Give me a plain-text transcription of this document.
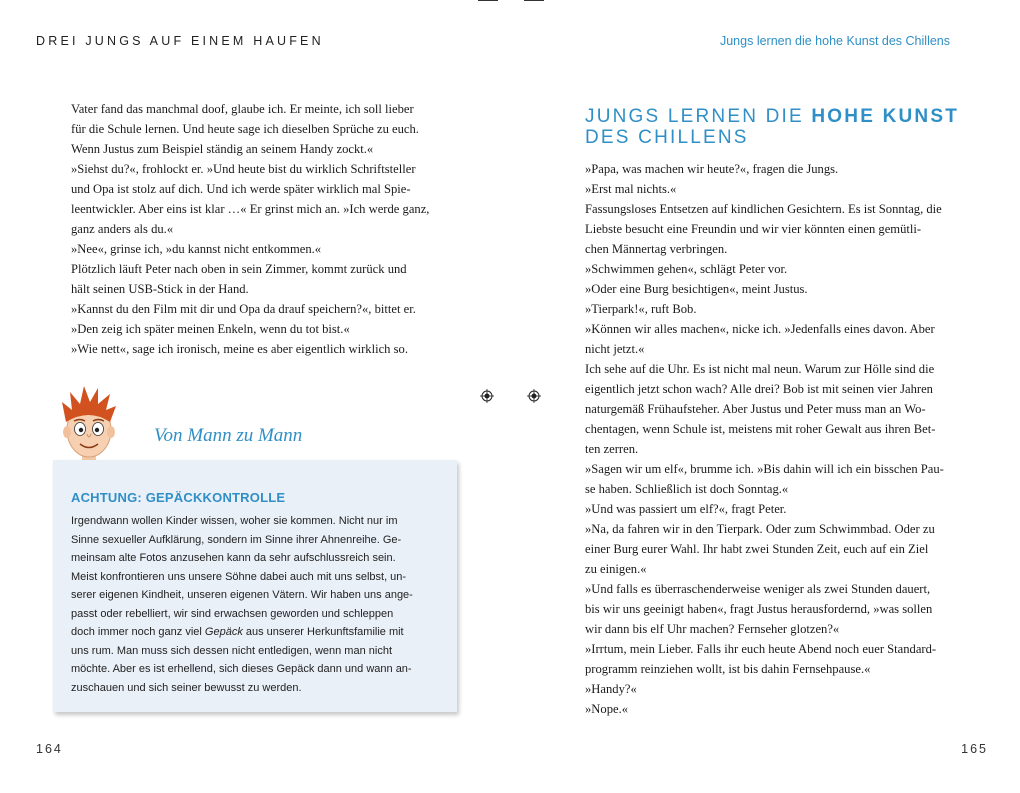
DREI JUNGS AUF EINEM HAUFEN

Vater fand das manchmal doof, glaube ich. Er meinte, ich soll lieber

für die Schule lernen. Und heute sage ich dieselben Sprüche zu euch.

Wenn Justus zum Beispiel ständig an seinem Handy zockt.«

»Siehst du?«, frohlockt er. »Und heute bist du wirklich Schriftsteller

und Opa ist stolz auf dich. Und ich werde später wirklich mal Spie-

leentwickler. Aber eins ist klar …« Er grinst mich an. »Ich werde ganz,

ganz anders als du.«

»Nee«, grinse ich, »du kannst nicht entkommen.«

Plötzlich läuft Peter nach oben in sein Zimmer, kommt zurück und

hält seinen USB-Stick in der Hand.

»Kannst du den Film mit dir und Opa da drauf speichern?«, bittet er.

»Den zeig ich später meinen Enkeln, wenn du tot bist.«

»Wie nett«, sage ich ironisch, meine es aber eigentlich wirklich so.

Von Mann zu Mann
ACHTUNG: GEPÄCKKONTROLLE

Irgendwann wollen Kinder wissen, woher sie kommen. Nicht nur im

Sinne sexueller Aufklärung, sondern im Sinne ihrer Ahnenreihe. Ge-

meinsam alte Fotos anzusehen kann da sehr aufschlussreich sein.

Meist konfrontieren uns unsere Söhne dabei auch mit uns selbst, un-

serer eigenen Kindheit, unseren eigenen Vätern. Wir haben uns ange-

passt oder rebelliert, wir sind erwachsen geworden und schleppen

doch immer noch ganz viel Gepäck aus unserer Herkunftsfamilie mit

uns rum. Man muss sich dessen nicht entledigen, wenn man nicht

möchte. Aber es ist erhellend, sich dieses Gepäck dann und wann an-

zuschauen und sich seiner bewusst zu werden.

164
Jungs lernen die hohe Kunst des Chillens
JUNGS LERNEN DIE HOHE KUNST
DES CHILLENS

»Papa, was machen wir heute?«, fragen die Jungs.

»Erst mal nichts.«

Fassungsloses Entsetzen auf kindlichen Gesichtern. Es ist Sonntag, die

Liebste besucht eine Freundin und wir vier könnten einen gemütli-

chen Männertag verbringen.

»Schwimmen gehen«, schlägt Peter vor.

»Oder eine Burg besichtigen«, meint Justus.

»Tierpark!«, ruft Bob.

»Können wir alles machen«, nicke ich. »Jedenfalls eines davon. Aber

nicht jetzt.«

Ich sehe auf die Uhr. Es ist nicht mal neun. Warum zur Hölle sind die

eigentlich jetzt schon wach? Alle drei? Bob ist mit seinen vier Jahren

naturgemäß Frühaufsteher. Aber Justus und Peter muss man an Wo-

chentagen, wenn Schule ist, meistens mit roher Gewalt aus ihren Bet-

ten zerren.

»Sagen wir um elf«, brumme ich. »Bis dahin will ich ein bisschen Pau-

se haben. Schließlich ist doch Sonntag.«

»Und was passiert um elf?«, fragt Peter.

»Na, da fahren wir in den Tierpark. Oder zum Schwimmbad. Oder zu

einer Burg eurer Wahl. Ihr habt zwei Stunden Zeit, euch auf ein Ziel

zu einigen.«

»Und falls es überraschenderweise weniger als zwei Stunden dauert,

bis wir uns geeinigt haben«, fragt Justus herausfordernd, »was sollen

wir dann bis elf Uhr machen? Fernseher glotzen?«

»Irrtum, mein Lieber. Falls ihr euch heute Abend noch euer Standard-

programm reinziehen wollt, ist bis dahin Fernsehpause.«

»Handy?«

»Nope.«

165
